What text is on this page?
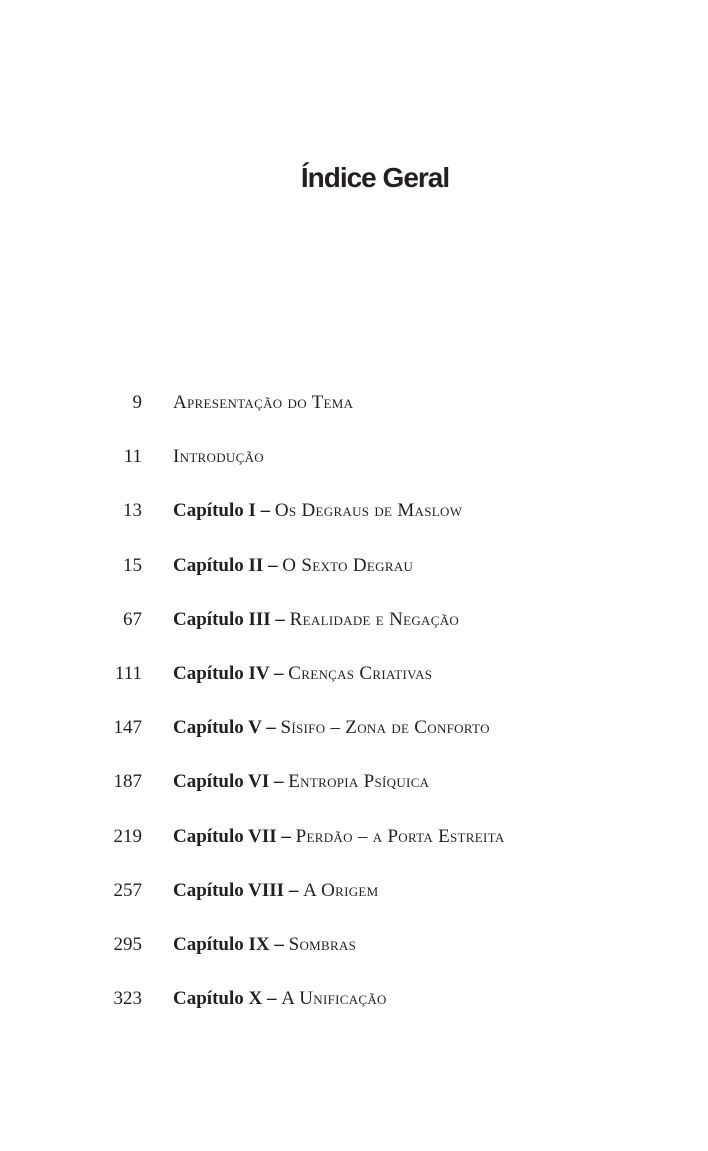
Índice Geral
9 Apresentação do Tema
11 Introdução
13 Capítulo I – Os Degraus de Maslow
15 Capítulo II – O Sexto Degrau
67 Capítulo III – Realidade e Negação
111 Capítulo IV – Crenças Criativas
147 Capítulo V – Sísifo – Zona de Conforto
187 Capítulo VI – Entropia Psíquica
219 Capítulo VII – Perdão – a Porta Estreita
257 Capítulo VIII – A Origem
295 Capítulo IX – Sombras
323 Capítulo X – A Unificação
